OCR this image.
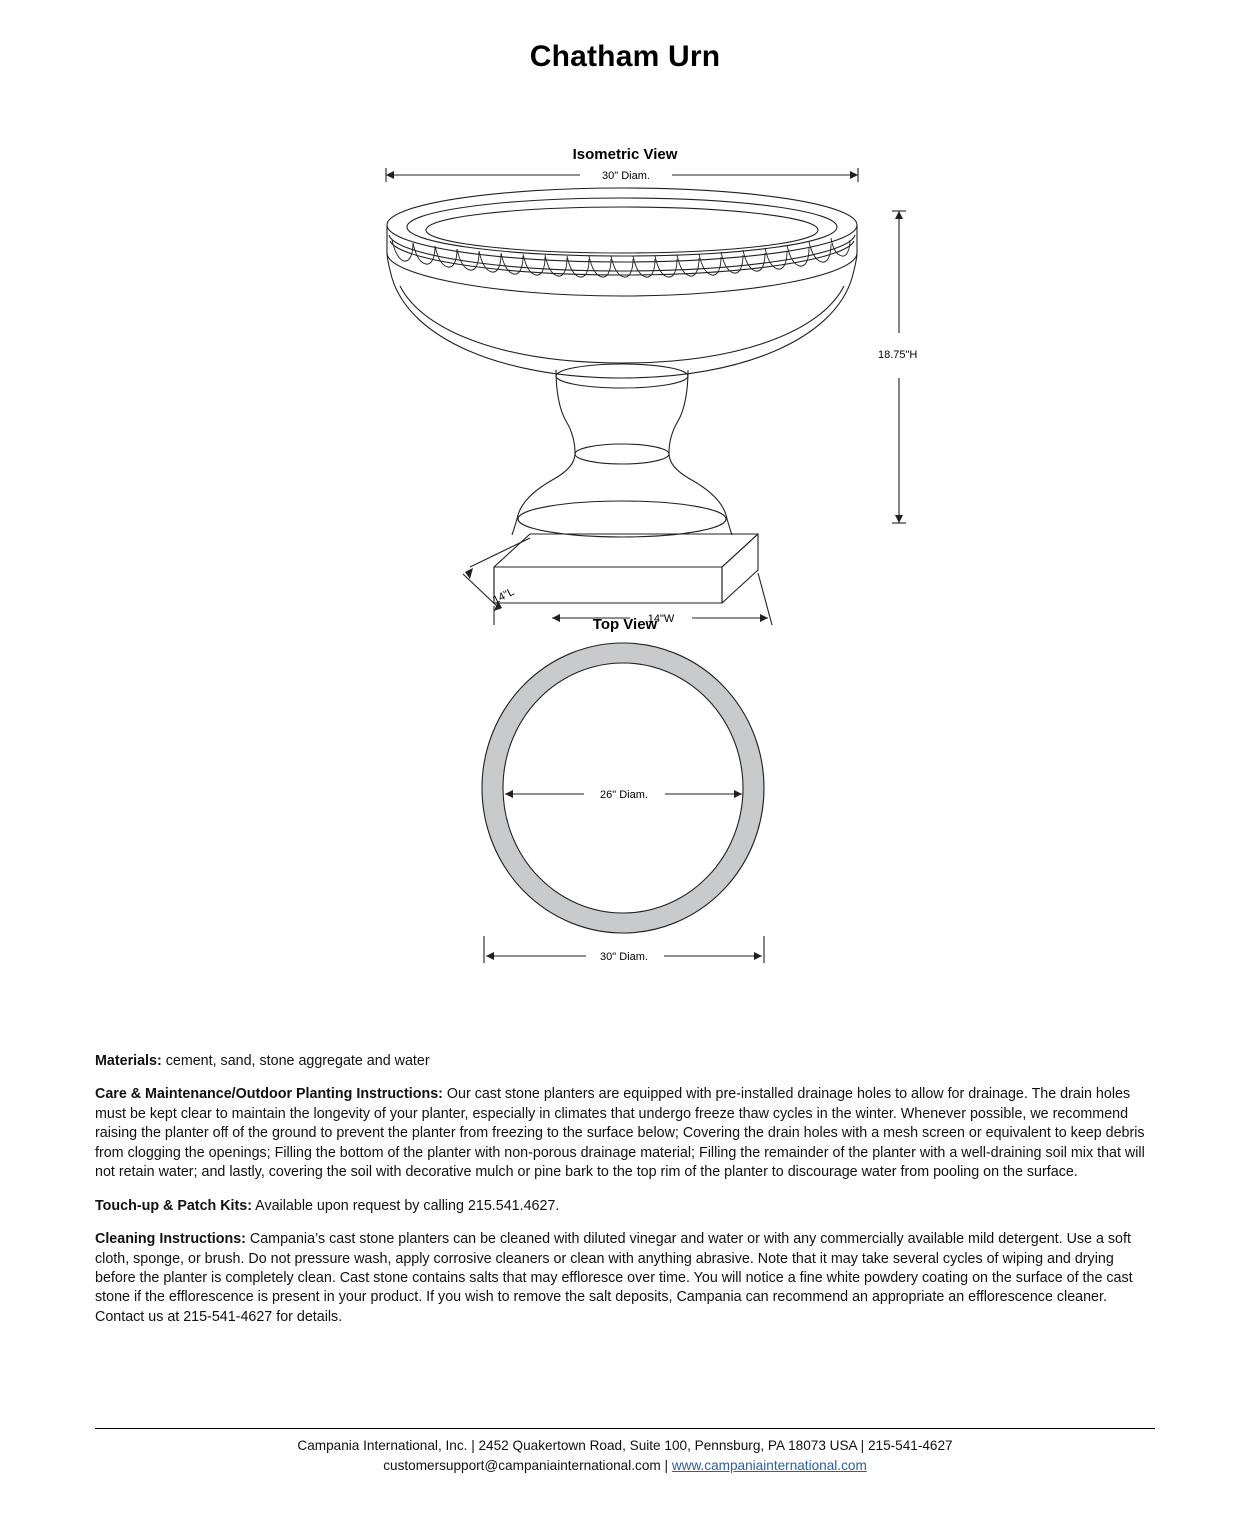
Chatham Urn
Isometric View
30" Diam.
18.75"H
14"W
14"L
Top View
26" Diam.
30" Diam.

Materials: cement, sand, stone aggregate and water

Care & Maintenance/Outdoor Planting Instructions: Our cast stone planters are equipped with pre-installed drainage holes to allow for drainage. The drain holes must be kept clear to maintain the longevity of your planter, especially in climates that undergo freeze thaw cycles in the winter. Whenever possible, we recommend raising the planter off of the ground to prevent the planter from freezing to the surface below; Covering the drain holes with a mesh screen or equivalent to keep debris from clogging the openings; Filling the bottom of the planter with non-porous drainage material; Filling the remainder of the planter with a well-draining soil mix that will not retain water; and lastly, covering the soil with decorative mulch or pine bark to the top rim of the planter to discourage water from pooling on the surface.

Touch-up & Patch Kits: Available upon request by calling 215.541.4627.

Cleaning Instructions: Campania’s cast stone planters can be cleaned with diluted vinegar and water or with any commercially available mild detergent. Use a soft cloth, sponge, or brush. Do not pressure wash, apply corrosive cleaners or clean with anything abrasive. Note that it may take several cycles of wiping and drying before the planter is completely clean. Cast stone contains salts that may effloresce over time. You will notice a fine white powdery coating on the surface of the cast stone if the efflorescence is present in your product. If you wish to remove the salt deposits, Campania can recommend an appropriate an efflorescence cleaner. Contact us at 215-541-4627 for details.

Campania International, Inc. | 2452 Quakertown Road, Suite 100, Pennsburg, PA 18073 USA | 215-541-4627
customersupport@campaniainternational.com | www.campaniainternational.com
